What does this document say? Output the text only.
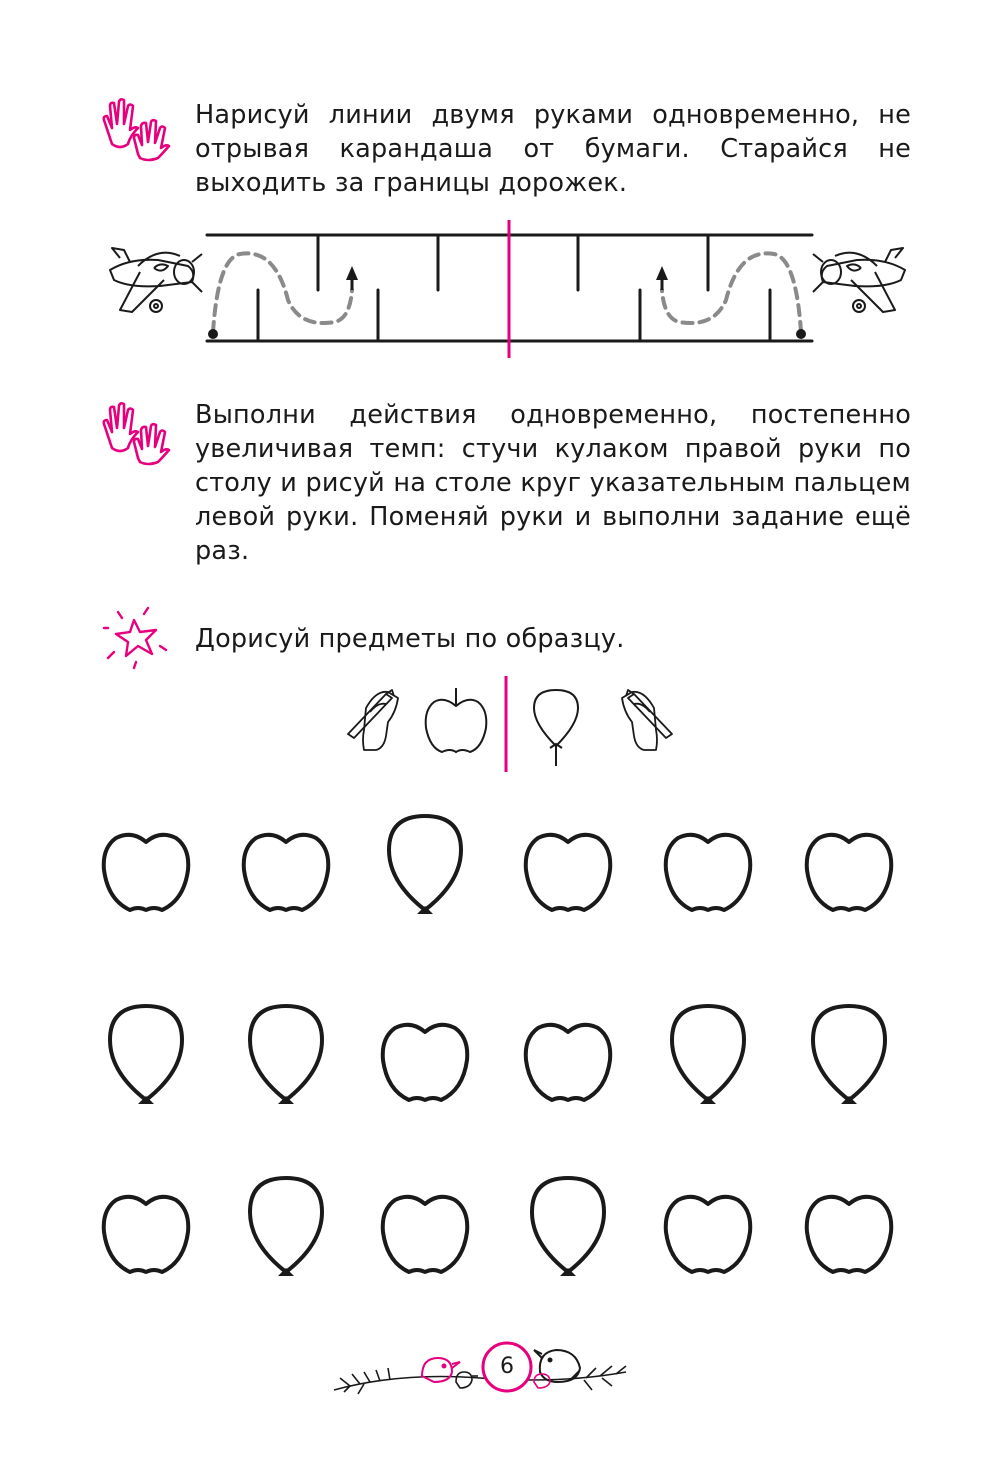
Нарисуй линии двумя руками одновременно, не отрывая карандаша от бумаги. Старайся не выходить за границы дорожек.

Выполни действия одновременно, постепенно увеличивая темп: стучи кулаком правой руки по столу и рисуй на столе круг указательным пальцем левой руки. Поменяй руки и выполни задание ещё раз.

Дорисуй предметы по образцу.

6
